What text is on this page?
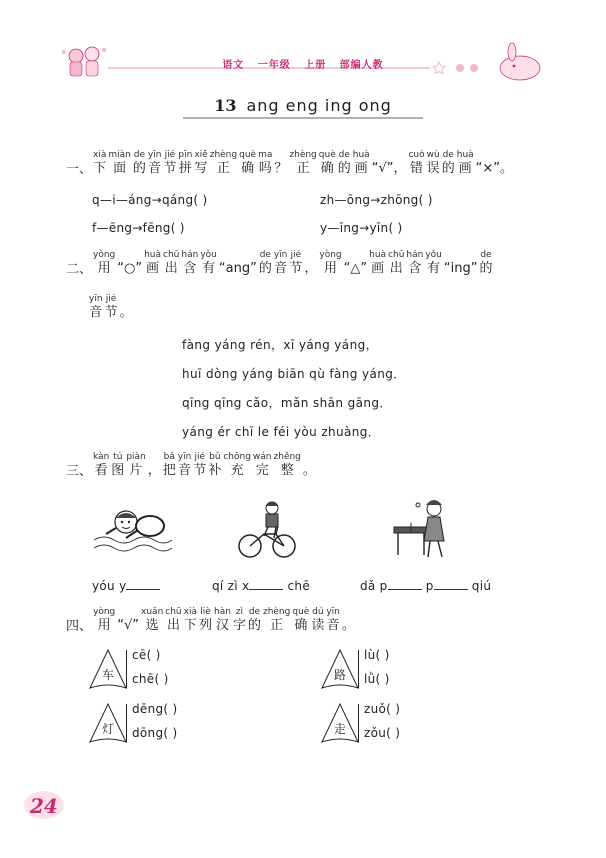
语文 一年级 上册 部编人教
13 ang eng ing ong
一、
xià
下
miàn
面
de
的
yīn
音
jié
节
pīn
拼
xiě
写
zhèng
正
què
确
ma
吗
？
zhèng
正
què
确
de
的
huà
画
“√”，
cuò
错
wù
误
de
的
huà
画
“×”。
q—i—áng→qáng( )	zh—ōng→zhōng( )
f—ēng→fēng( )	y—īng→yīn( )
二、
yòng
用
“○”
huà
画
chū
出
hán
含
yǒu
有
“ang”
de
的
yīn
音
jié
节
，
yòng
用
“△”
huà
画
chū
出
hán
含
yǒu
有
“ing”
de
的
yīn
音
jié
节
。
fàng yáng rén，xī yáng yáng，
huī dòng yáng biān qù fàng yáng．
qīng qīng cǎo，mǎn shān gāng．
yáng ér chī le féi yòu zhuàng．
三、
kàn
看
tú
图
piàn
片
，
bǎ
把
yīn
音
jié
节
bǔ
补
chōng
充
wán
完
zhěng
整
。
yóu y	qí zì x	chē	dǎ p	p	qiú
四、
yòng
用
“√”
xuǎn
选
chū
出
xià
下
liè
列
hàn
汉
zì
字
de
的
zhèng
正
què
确
dú
读
yīn
音
。
车
cē( )
chē( )	路
lù( )
lǜ( )
灯
dēng( )
dōng( )	走
zuǒ( )
zǒu( )
24
